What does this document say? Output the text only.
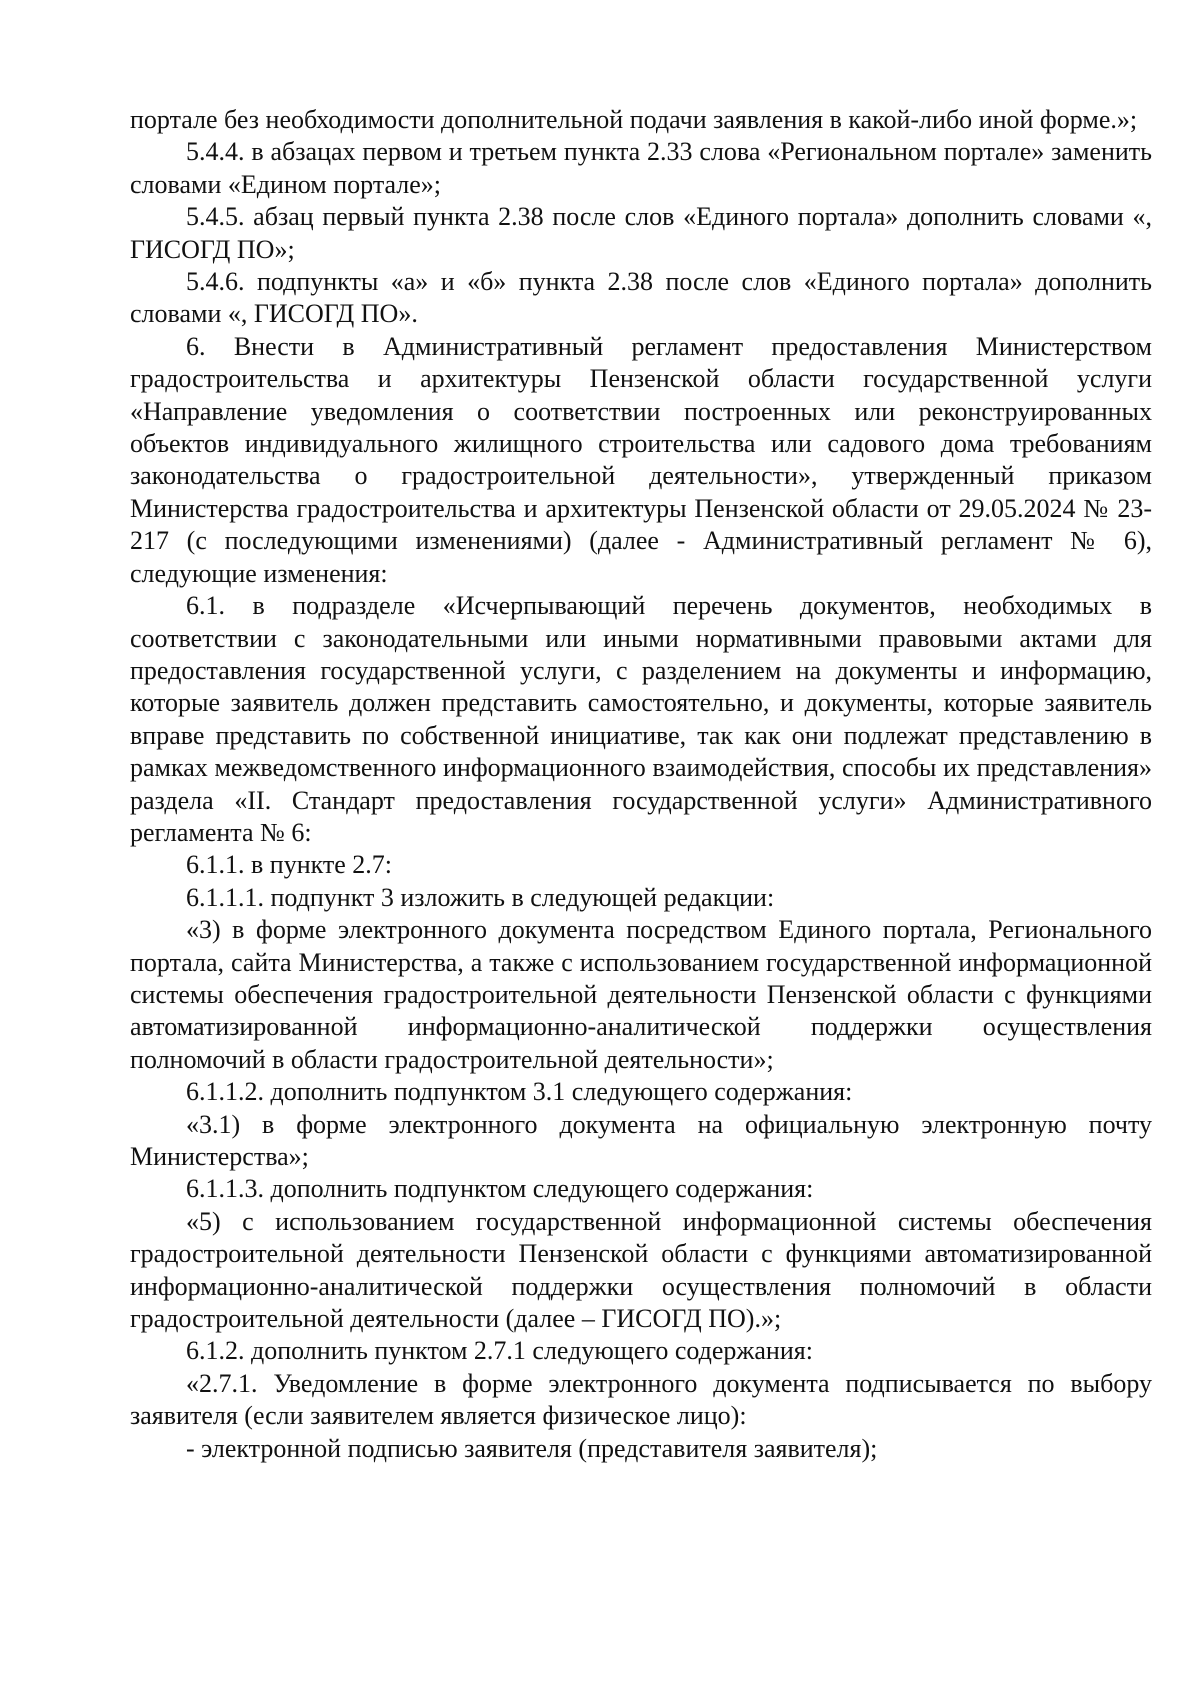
портале без необходимости дополнительной подачи заявления в какой-либо иной форме.»;

5.4.4. в абзацах первом и третьем пункта 2.33 слова «Региональном портале» заменить словами «Едином портале»;

5.4.5. абзац первый пункта 2.38 после слов «Единого портала» дополнить словами «, ГИСОГД ПО»;

5.4.6. подпункты «а» и «б» пункта 2.38 после слов «Единого портала» дополнить словами «, ГИСОГД ПО».

6. Внести в Административный регламент предоставления Министерством градостроительства и архитектуры Пензенской области государственной услуги «Направление уведомления о соответствии построенных или реконструированных объектов индивидуального жилищного строительства или садового дома требованиям законодательства о градостроительной деятельности», утвержденный приказом Министерства градостроительства и архитектуры Пензенской области от 29.05.2024 № 23-217 (с последующими изменениями) (далее - Административный регламент № 6), следующие изменения:

6.1. в подразделе «Исчерпывающий перечень документов, необходимых в соответствии с законодательными или иными нормативными правовыми актами для предоставления государственной услуги, с разделением на документы и информацию, которые заявитель должен представить самостоятельно, и документы, которые заявитель вправе представить по собственной инициативе, так как они подлежат представлению в рамках межведомственного информационного взаимодействия, способы их представления» раздела «II. Стандарт предоставления государственной услуги» Административного регламента № 6:

6.1.1. в пункте 2.7:

6.1.1.1. подпункт 3 изложить в следующей редакции:

«3) в форме электронного документа посредством Единого портала, Регионального портала, сайта Министерства, а также с использованием государственной информационной системы обеспечения градостроительной деятельности Пензенской области с функциями автоматизированной информационно-аналитической поддержки осуществления полномочий в области градостроительной деятельности»;

6.1.1.2. дополнить подпунктом 3.1 следующего содержания:

«3.1) в форме электронного документа на официальную электронную почту Министерства»;

6.1.1.3. дополнить подпунктом следующего содержания:

«5) с использованием государственной информационной системы обеспечения градостроительной деятельности Пензенской области с функциями автоматизированной информационно-аналитической поддержки осуществления полномочий в области градостроительной деятельности (далее – ГИСОГД ПО).»;

6.1.2. дополнить пунктом 2.7.1 следующего содержания:

«2.7.1. Уведомление в форме электронного документа подписывается по выбору заявителя (если заявителем является физическое лицо):

- электронной подписью заявителя (представителя заявителя);
